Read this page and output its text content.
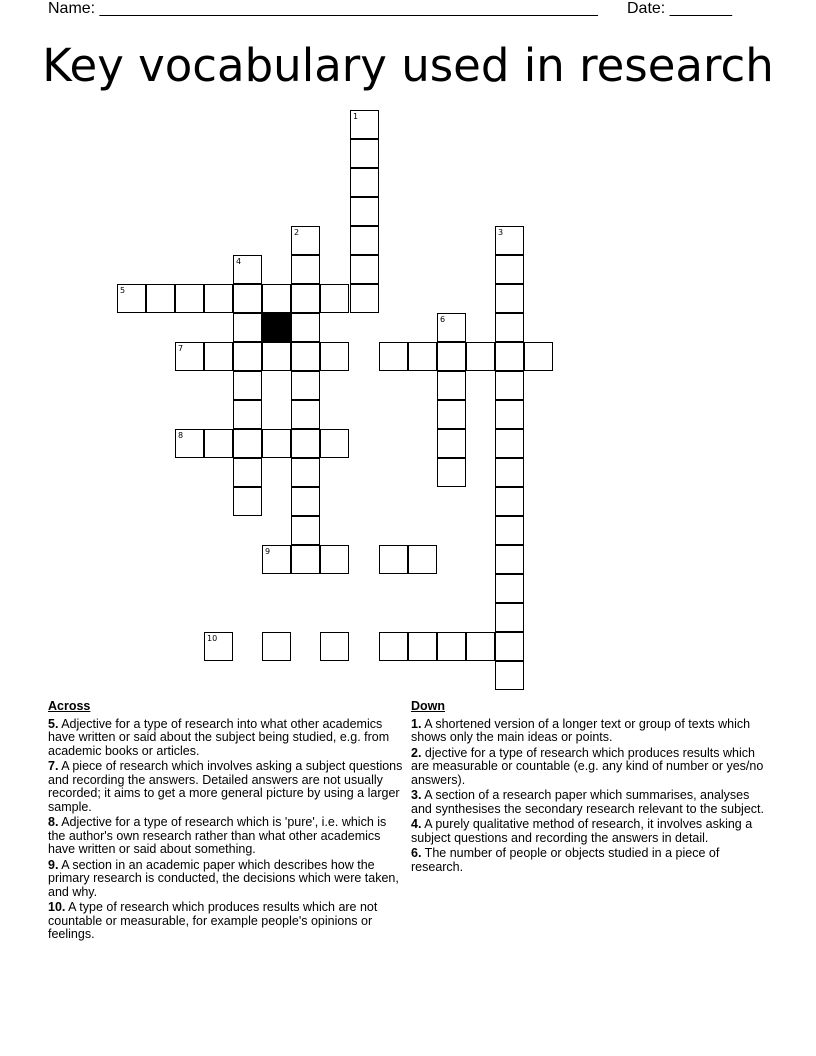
Name: ________________________________________________________ Date: _______
Key vocabulary used in research
1
2	3
4
5
6
7
8
9
10
Across
5. Adjective for a type of research into what other academics have written or said about the subject being studied, e.g. from academic books or articles.
7. A piece of research which involves asking a subject questions and recording the answers. Detailed answers are not usually recorded; it aims to get a more general picture by using a larger sample.
8. Adjective for a type of research which is 'pure', i.e. which is the author's own research rather than what other academics have written or said about something.
9. A section in an academic paper which describes how the primary research is conducted, the decisions which were taken, and why.
10. A type of research which produces results which are not countable or measurable, for example people's opinions or feelings.
Down
1. A shortened version of a longer text or group of texts which shows only the main ideas or points.
2. djective for a type of research which produces results which are measurable or countable (e.g. any kind of number or yes/no answers).
3. A section of a research paper which summarises, analyses and synthesises the secondary research relevant to the subject.
4. A purely qualitative method of research, it involves asking a subject questions and recording the answers in detail.
6. The number of people or objects studied in a piece of research.
